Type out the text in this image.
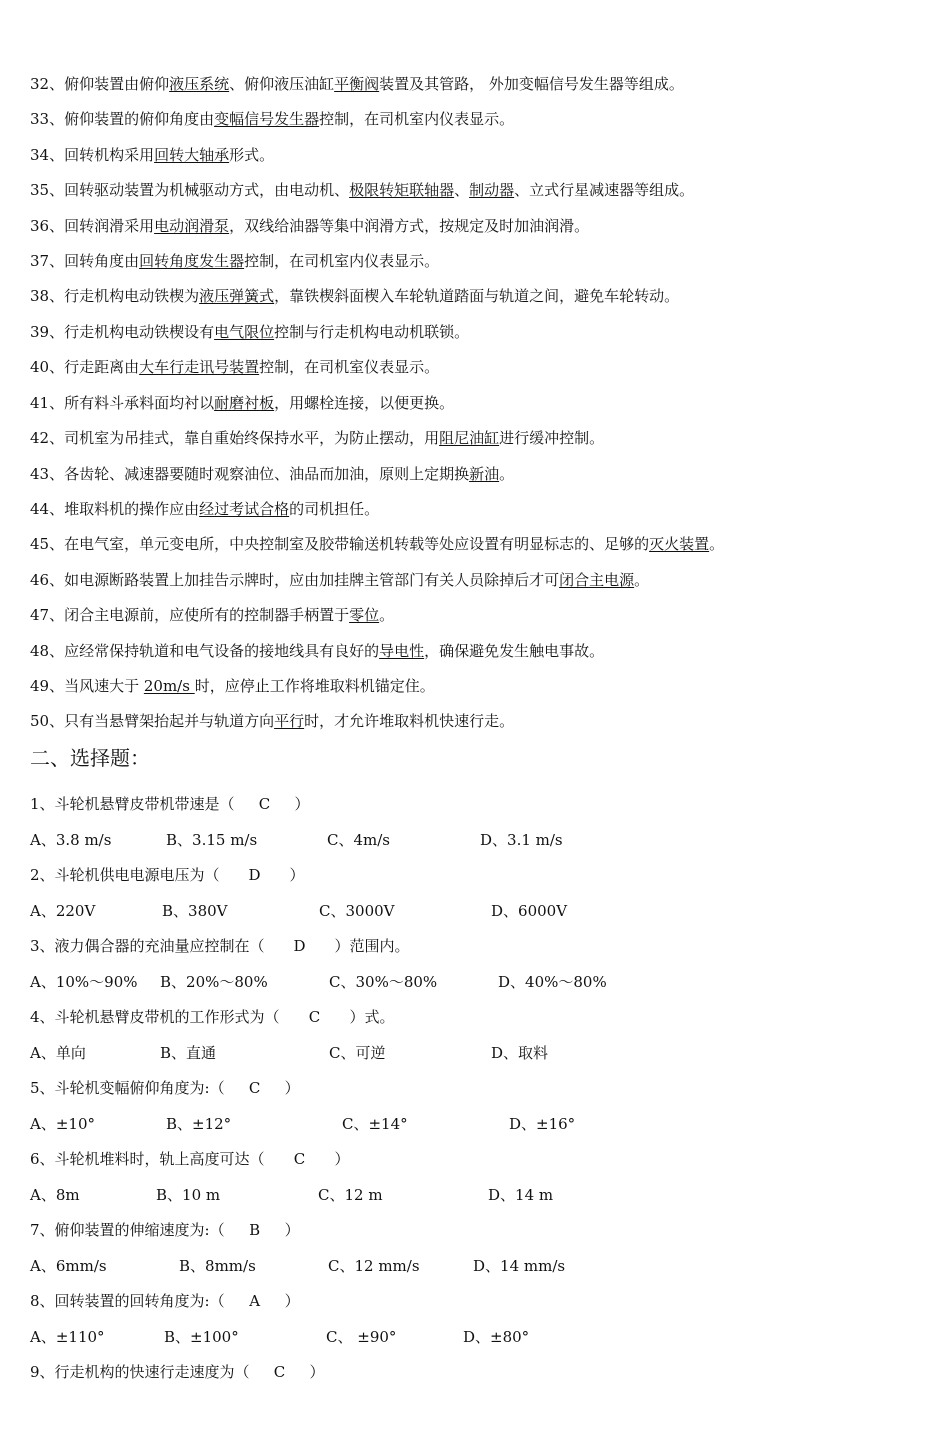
32、俯仰装置由俯仰液压系统、俯仰液压油缸平衡阀装置及其管路， 外加变幅信号发生器等组成。
33、俯仰装置的俯仰角度由变幅信号发生器控制，在司机室内仪表显示。
34、回转机构采用回转大轴承形式。
35、回转驱动装置为机械驱动方式，由电动机、极限转矩联轴器、制动器、立式行星减速器等组成。
36、回转润滑采用电动润滑泵，双线给油器等集中润滑方式，按规定及时加油润滑。
37、回转角度由回转角度发生器控制，在司机室内仪表显示。
38、行走机构电动铁楔为液压弹簧式，靠铁楔斜面楔入车轮轨道踏面与轨道之间，避免车轮转动。
39、行走机构电动铁楔设有电气限位控制与行走机构电动机联锁。
40、行走距离由大车行走讯号装置控制，在司机室仪表显示。
41、所有料斗承料面均衬以耐磨衬板，用螺栓连接，以便更换。
42、司机室为吊挂式，靠自重始终保持水平，为防止摆动，用阻尼油缸进行缓冲控制。
43、各齿轮、减速器要随时观察油位、油品而加油，原则上定期换新油。
44、堆取料机的操作应由经过考试合格的司机担任。
45、在电气室，单元变电所，中央控制室及胶带输送机转载等处应设置有明显标志的、足够的灭火装置。
46、如电源断路装置上加挂告示牌时，应由加挂牌主管部门有关人员除掉后才可闭合主电源。
47、闭合主电源前，应使所有的控制器手柄置于零位。
48、应经常保持轨道和电气设备的接地线具有良好的导电性，确保避免发生触电事故。
49、当风速大于 20m/s 时，应停止工作将堆取料机锚定住。
50、只有当悬臂架抬起并与轨道方向平行时，才允许堆取料机快速行走。
二、选择题：
1、斗轮机悬臂皮带机带速是（ C ）
A、3.8 m/s	B、3.15 m/s	C、4m/s	D、3.1 m/s
2、斗轮机供电电源电压为（ D ）
A、220V	B、380V	C、3000V	D、6000V
3、液力偶合器的充油量应控制在（ D ）范围内。
A、10%～90% B、20%～80%	C、30%～80%	D、40%～80%
4、斗轮机悬臂皮带机的工作形式为（ C ）式。
A、单向	B、直通	C、可逆	D、取料
5、斗轮机变幅俯仰角度为:（ C ）
A、±10°	B、±12°	C、±14°	D、±16°
6、斗轮机堆料时，轨上高度可达（ C ）
A、8m	B、10 m	C、12 m	D、14 m
7、俯仰装置的伸缩速度为:（ B ）
A、6mm/s	B、8mm/s	C、12 mm/s	D、14 mm/s
8、回转装置的回转角度为:（ A ）
A、±110°	B、±100°	C、 ±90°	D、±80°
9、行走机构的快速行走速度为（ C ）
